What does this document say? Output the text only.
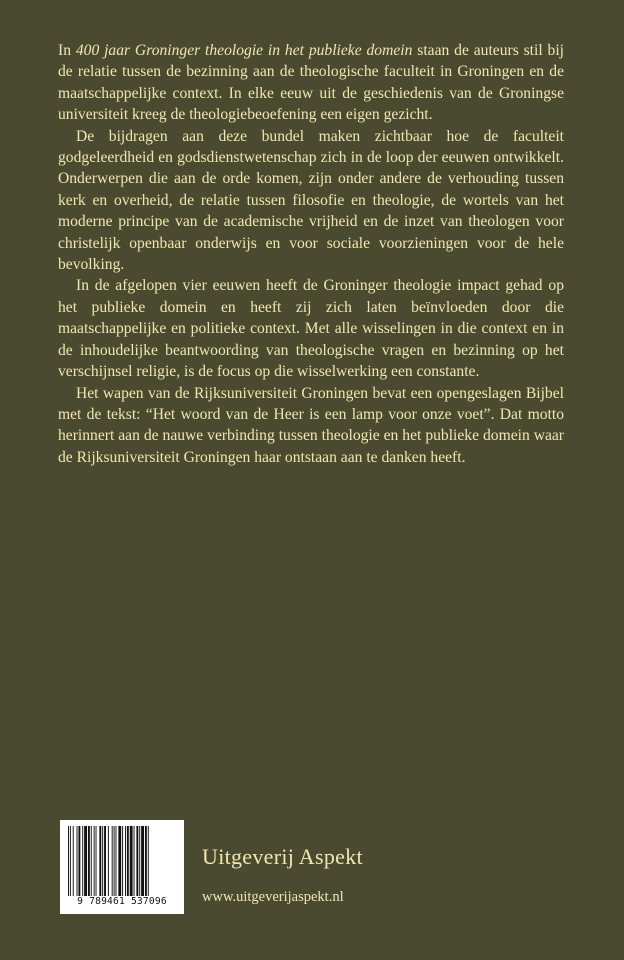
In 400 jaar Groninger theologie in het publieke domein staan de auteurs stil bij de relatie tussen de bezinning aan de theologische faculteit in Groningen en de maatschappelijke context. In elke eeuw uit de geschiedenis van de Groningse universiteit kreeg de theologiebeoefening een eigen gezicht.

De bijdragen aan deze bundel maken zichtbaar hoe de faculteit godgeleerdheid en godsdienstwetenschap zich in de loop der eeuwen ontwikkelt. Onderwerpen die aan de orde komen, zijn onder andere de verhouding tussen kerk en overheid, de relatie tussen filosofie en theologie, de wortels van het moderne principe van de academische vrijheid en de inzet van theologen voor christelijk openbaar onderwijs en voor sociale voorzieningen voor de hele bevolking.

In de afgelopen vier eeuwen heeft de Groninger theologie impact gehad op het publieke domein en heeft zij zich laten beïnvloeden door die maatschappelijke en politieke context. Met alle wisselingen in die context en in de inhoudelijke beantwoording van theologische vragen en bezinning op het verschijnsel religie, is de focus op die wisselwerking een constante.

Het wapen van de Rijksuniversiteit Groningen bevat een opengeslagen Bijbel met de tekst: “Het woord van de Heer is een lamp voor onze voet”. Dat motto herinnert aan de nauwe verbinding tussen theologie en het publieke domein waar de Rijksuniversiteit Groningen haar ontstaan aan te danken heeft.

9 789461 537096
Uitgeverij Aspekt
www.uitgeverijaspekt.nl
